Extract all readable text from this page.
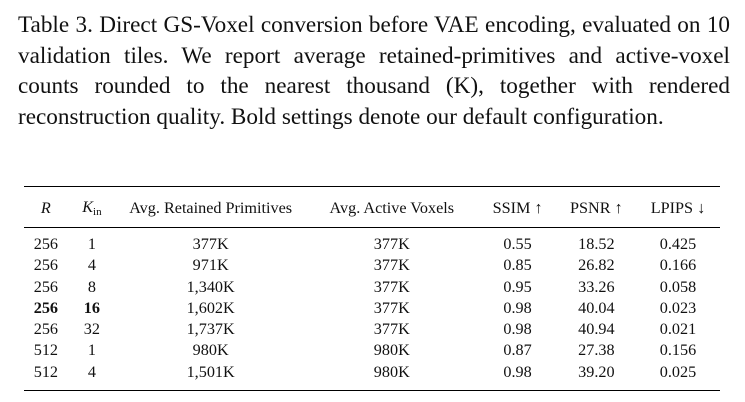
Table 3. Direct GS-Voxel conversion before VAE encoding, evaluated on 10 validation tiles. We report average retained-primitives and active-voxel counts rounded to the nearest thousand (K), together with rendered reconstruction quality. Bold settings denote our default configuration.

R	$K_{in}$	Avg. Retained Primitives	Avg. Active Voxels	SSIM ↑	PSNR ↑	LPIPS ↓
256	1	377K	377K	0.55	18.52	0.425
256	4	971K	377K	0.85	26.82	0.166
256	8	1,340K	377K	0.95	33.26	0.058
256	16	1,602K	377K	0.98	40.04	0.023
256	32	1,737K	377K	0.98	40.94	0.021
512	1	980K	980K	0.87	27.38	0.156
512	4	1,501K	980K	0.98	39.20	0.025
